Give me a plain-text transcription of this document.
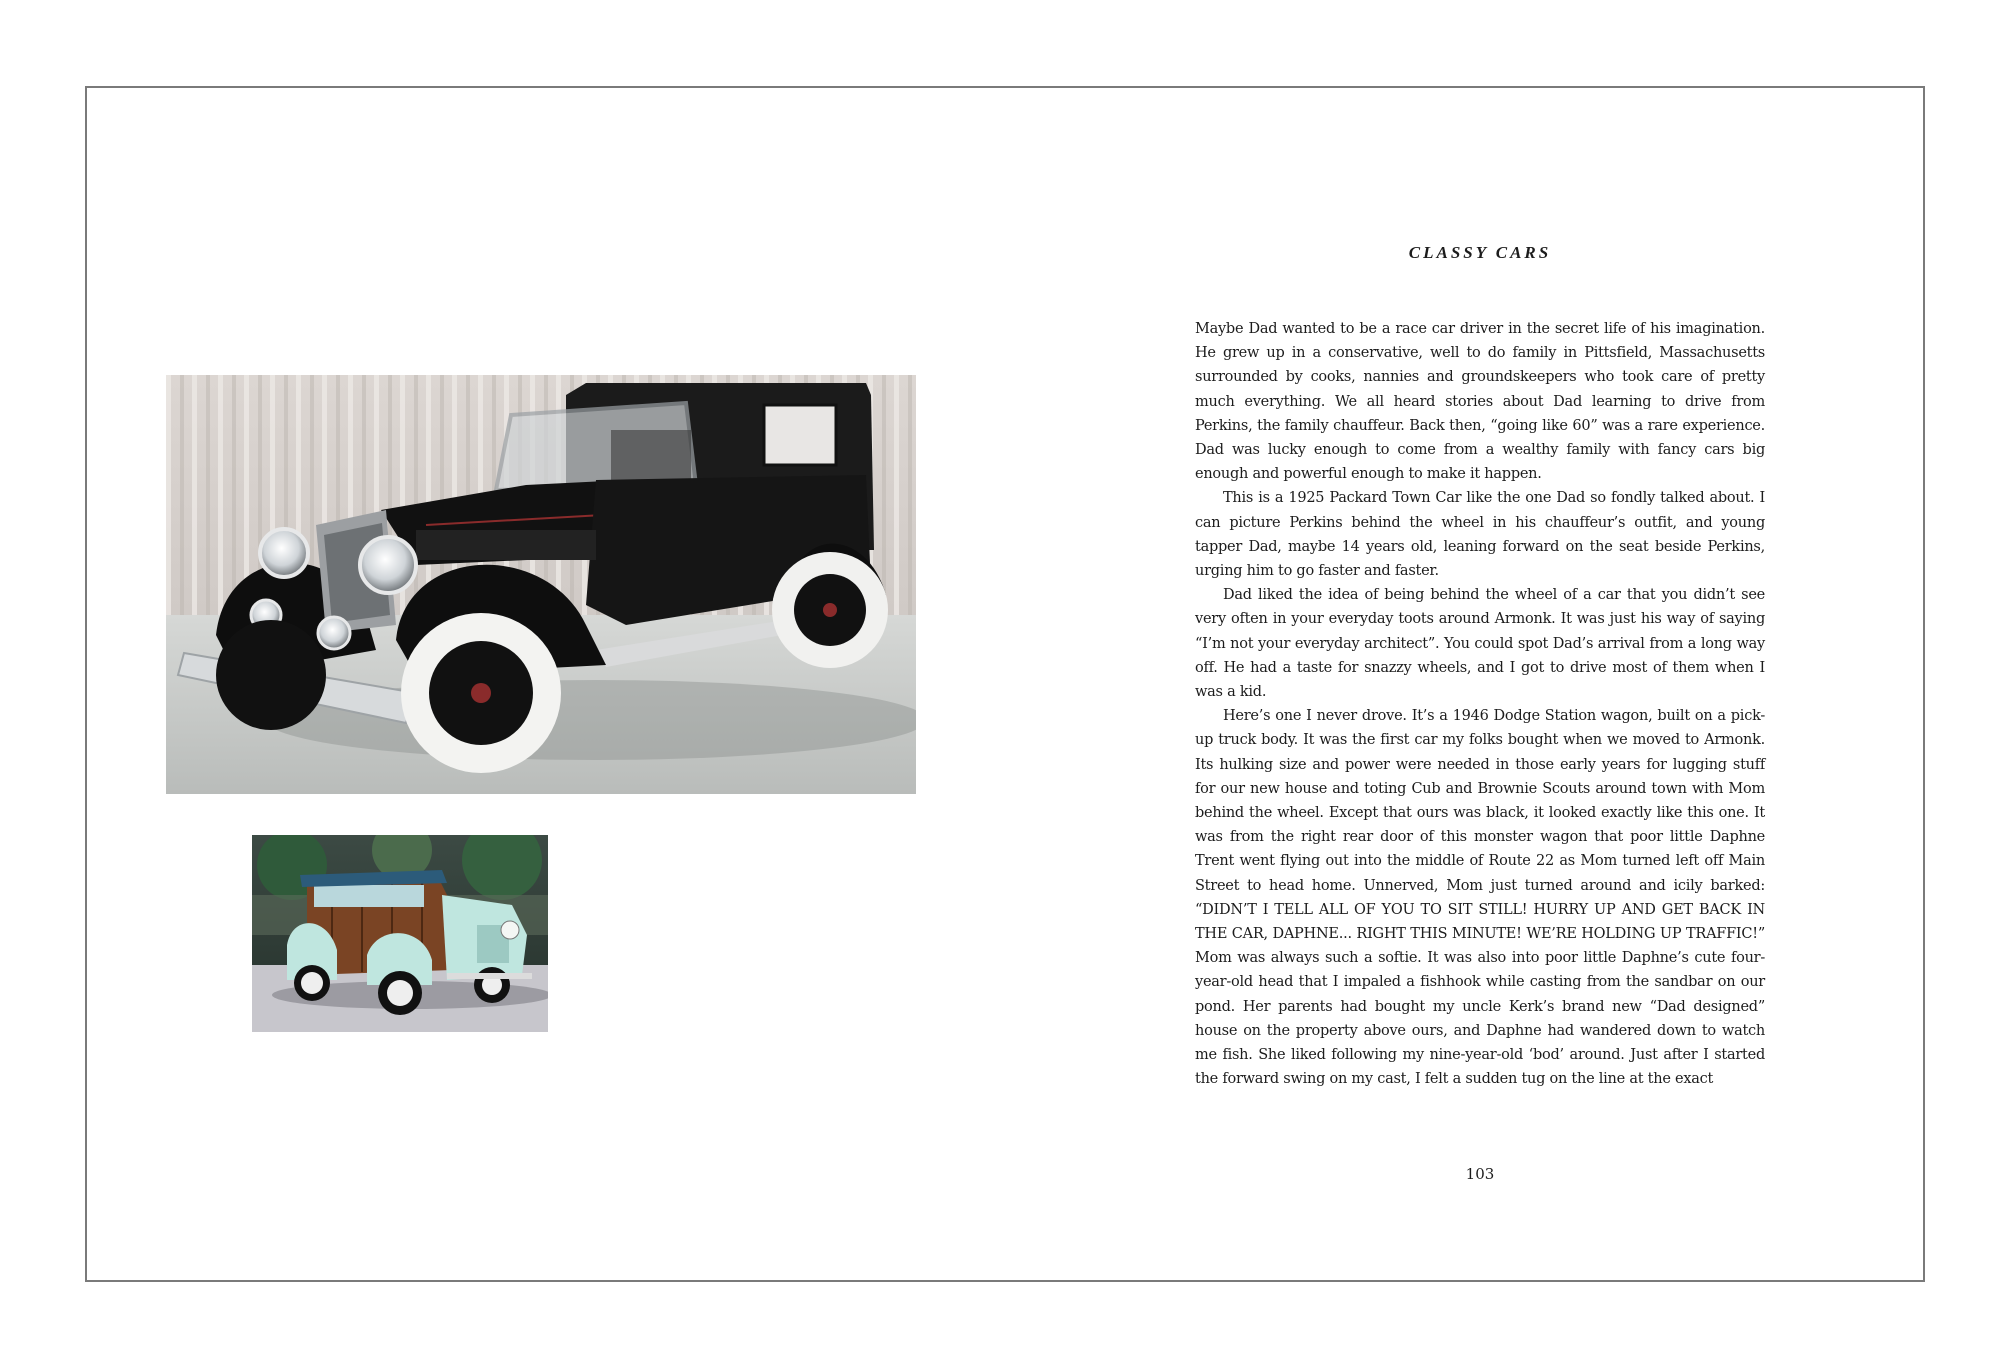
CLASSY CARS

Maybe Dad wanted to be a race car driver in the secret life of his imagination. He grew up in a conservative, well to do family in Pittsfield, Massachusetts surrounded by cooks, nannies and groundskeepers who took care of pretty much everything. We all heard stories about Dad learning to drive from Perkins, the family chauffeur. Back then, “going like 60” was a rare experience. Dad was lucky enough to come from a wealthy family with fancy cars big enough and powerful enough to make it happen.

This is a 1925 Packard Town Car like the one Dad so fondly talked about. I can picture Perkins behind the wheel in his chauffeur’s outfit, and young tapper Dad, maybe 14 years old, leaning forward on the seat beside Perkins, urging him to go faster and faster.

Dad liked the idea of being behind the wheel of a car that you didn’t see very often in your everyday toots around Armonk. It was just his way of saying “I’m not your everyday architect”. You could spot Dad’s arrival from a long way off. He had a taste for snazzy wheels, and I got to drive most of them when I was a kid.

Here’s one I never drove. It’s a 1946 Dodge Station wagon, built on a pick-up truck body. It was the first car my folks bought when we moved to Armonk. Its hulking size and power were needed in those early years for lugging stuff for our new house and toting Cub and Brownie Scouts around town with Mom behind the wheel. Except that ours was black, it looked exactly like this one. It was from the right rear door of this monster wagon that poor little Daphne Trent went flying out into the middle of Route 22 as Mom turned left off Main Street to head home. Unnerved, Mom just turned around and icily barked: “DIDN’T I TELL ALL OF YOU TO SIT STILL! HURRY UP AND GET BACK IN THE CAR, DAPHNE... RIGHT THIS MINUTE! WE’RE HOLDING UP TRAFFIC!” Mom was always such a softie. It was also into poor little Daphne’s cute four-year-old head that I impaled a fishhook while casting from the sandbar on our pond. Her parents had bought my uncle Kerk’s brand new “Dad designed” house on the property above ours, and Daphne had wandered down to watch me fish. She liked following my nine-year-old ‘bod’ around. Just after I started the forward swing on my cast, I felt a sudden tug on the line at the exact

103
